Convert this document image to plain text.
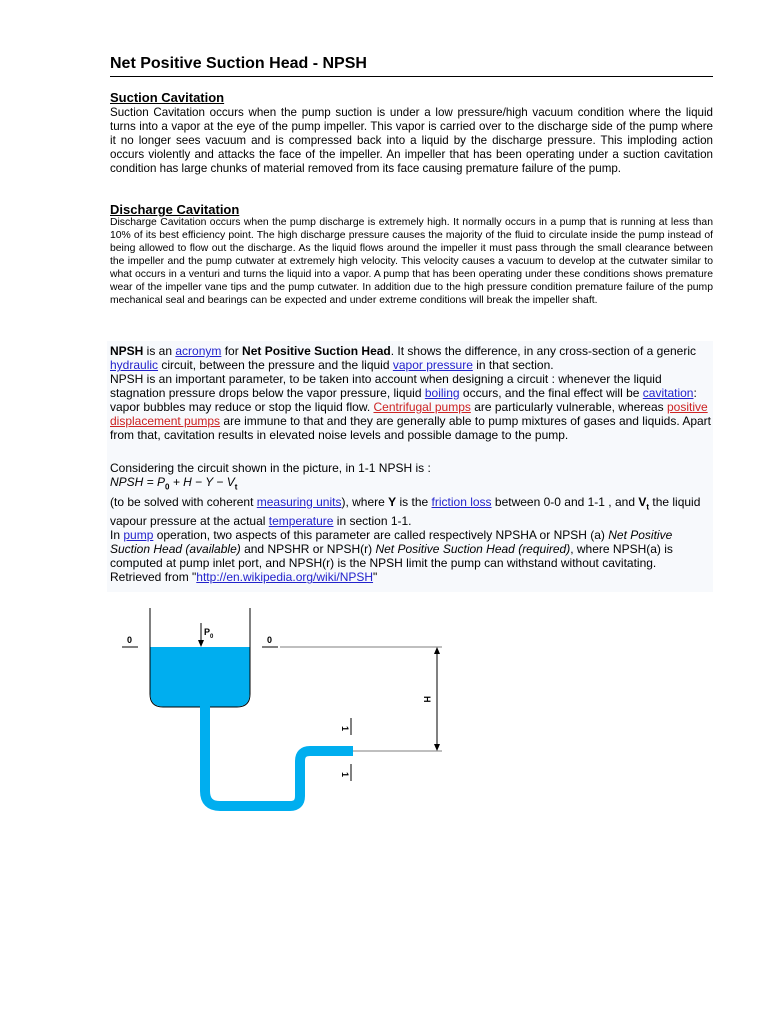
Net Positive Suction Head - NPSH
Suction Cavitation
Suction Cavitation occurs when the pump suction is under a low pressure/high vacuum condition where the liquid turns into a vapor at the eye of the pump impeller. This vapor is carried over to the discharge side of the pump where it no longer sees vacuum and is compressed back into a liquid by the discharge pressure. This imploding action occurs violently and attacks the face of the impeller. An impeller that has been operating under a suction cavitation condition has large chunks of material removed from its face causing premature failure of the pump.
Discharge Cavitation
Discharge Cavitation occurs when the pump discharge is extremely high. It normally occurs in a pump that is running at less than 10% of its best efficiency point. The high discharge pressure causes the majority of the fluid to circulate inside the pump instead of being allowed to flow out the discharge. As the liquid flows around the impeller it must pass through the small clearance between the impeller and the pump cutwater at extremely high velocity. This velocity causes a vacuum to develop at the cutwater similar to what occurs in a venturi and turns the liquid into a vapor. A pump that has been operating under these conditions shows premature wear of the impeller vane tips and the pump cutwater. In addition due to the high pressure condition premature failure of the pump mechanical seal and bearings can be expected and under extreme conditions will break the impeller shaft.
NPSH is an acronym for Net Positive Suction Head. It shows the difference, in any cross-section of a generic hydraulic circuit, between the pressure and the liquid vapor pressure in that section.
NPSH is an important parameter, to be taken into account when designing a circuit : whenever the liquid stagnation pressure drops below the vapor pressure, liquid boiling occurs, and the final effect will be cavitation: vapor bubbles may reduce or stop the liquid flow. Centrifugal pumps are particularly vulnerable, whereas positive displacement pumps are immune to that and they are generally able to pump mixtures of gases and liquids. Apart from that, cavitation results in elevated noise levels and possible damage to the pump.
Considering the circuit shown in the picture, in 1-1 NPSH is :
NPSH = $P_0 + H - Y - V_t$
(to be solved with coherent measuring units), where Y is the friction loss between 0-0 and 1-1 , and $V_t$ the liquid vapour pressure at the actual temperature in section 1-1.
In pump operation, two aspects of this parameter are called respectively NPSHA or NPSH (a) Net Positive Suction Head (available) and NPSHR or NPSH(r) Net Positive Suction Head (required), where NPSH(a) is computed at pump inlet port, and NPSH(r) is the NPSH limit the pump can withstand without cavitating.
Retrieved from "http://en.wikipedia.org/wiki/NPSH"
$P_0$
0	0
1
1
H
